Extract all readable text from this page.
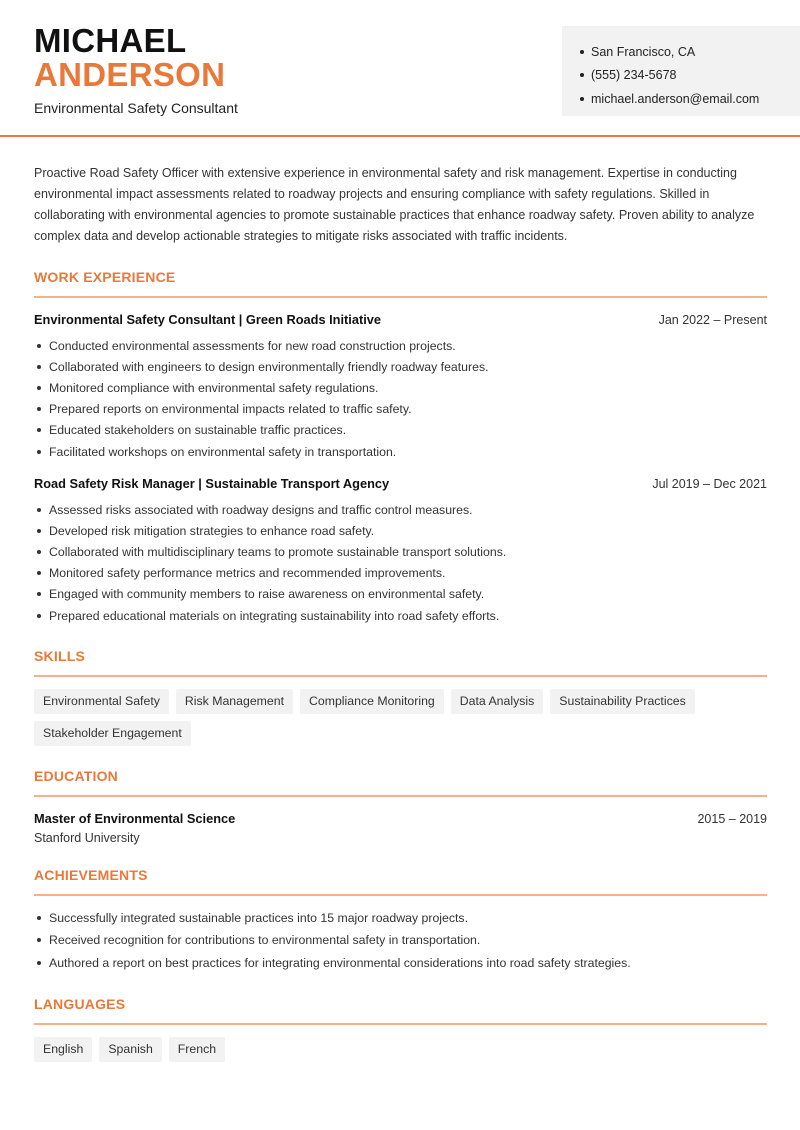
MICHAEL
ANDERSON
Environmental Safety Consultant
San Francisco, CA
(555) 234-5678
michael.anderson@email.com

Proactive Road Safety Officer with extensive experience in environmental safety and risk management. Expertise in conducting environmental impact assessments related to roadway projects and ensuring compliance with safety regulations. Skilled in collaborating with environmental agencies to promote sustainable practices that enhance roadway safety. Proven ability to analyze complex data and develop actionable strategies to mitigate risks associated with traffic incidents.

WORK EXPERIENCE
Environmental Safety Consultant | Green Roads Initiative	Jan 2022 – Present
Conducted environmental assessments for new road construction projects.
Collaborated with engineers to design environmentally friendly roadway features.
Monitored compliance with environmental safety regulations.
Prepared reports on environmental impacts related to traffic safety.
Educated stakeholders on sustainable traffic practices.
Facilitated workshops on environmental safety in transportation.
Road Safety Risk Manager | Sustainable Transport Agency	Jul 2019 – Dec 2021
Assessed risks associated with roadway designs and traffic control measures.
Developed risk mitigation strategies to enhance road safety.
Collaborated with multidisciplinary teams to promote sustainable transport solutions.
Monitored safety performance metrics and recommended improvements.
Engaged with community members to raise awareness on environmental safety.
Prepared educational materials on integrating sustainability into road safety efforts.
SKILLS
Environmental Safety	Risk Management	Compliance Monitoring	Data Analysis	Sustainability Practices
Stakeholder Engagement
EDUCATION
Master of Environmental Science	2015 – 2019
Stanford University
ACHIEVEMENTS
Successfully integrated sustainable practices into 15 major roadway projects.
Received recognition for contributions to environmental safety in transportation.
Authored a report on best practices for integrating environmental considerations into road safety strategies.
LANGUAGES
English	Spanish	French
